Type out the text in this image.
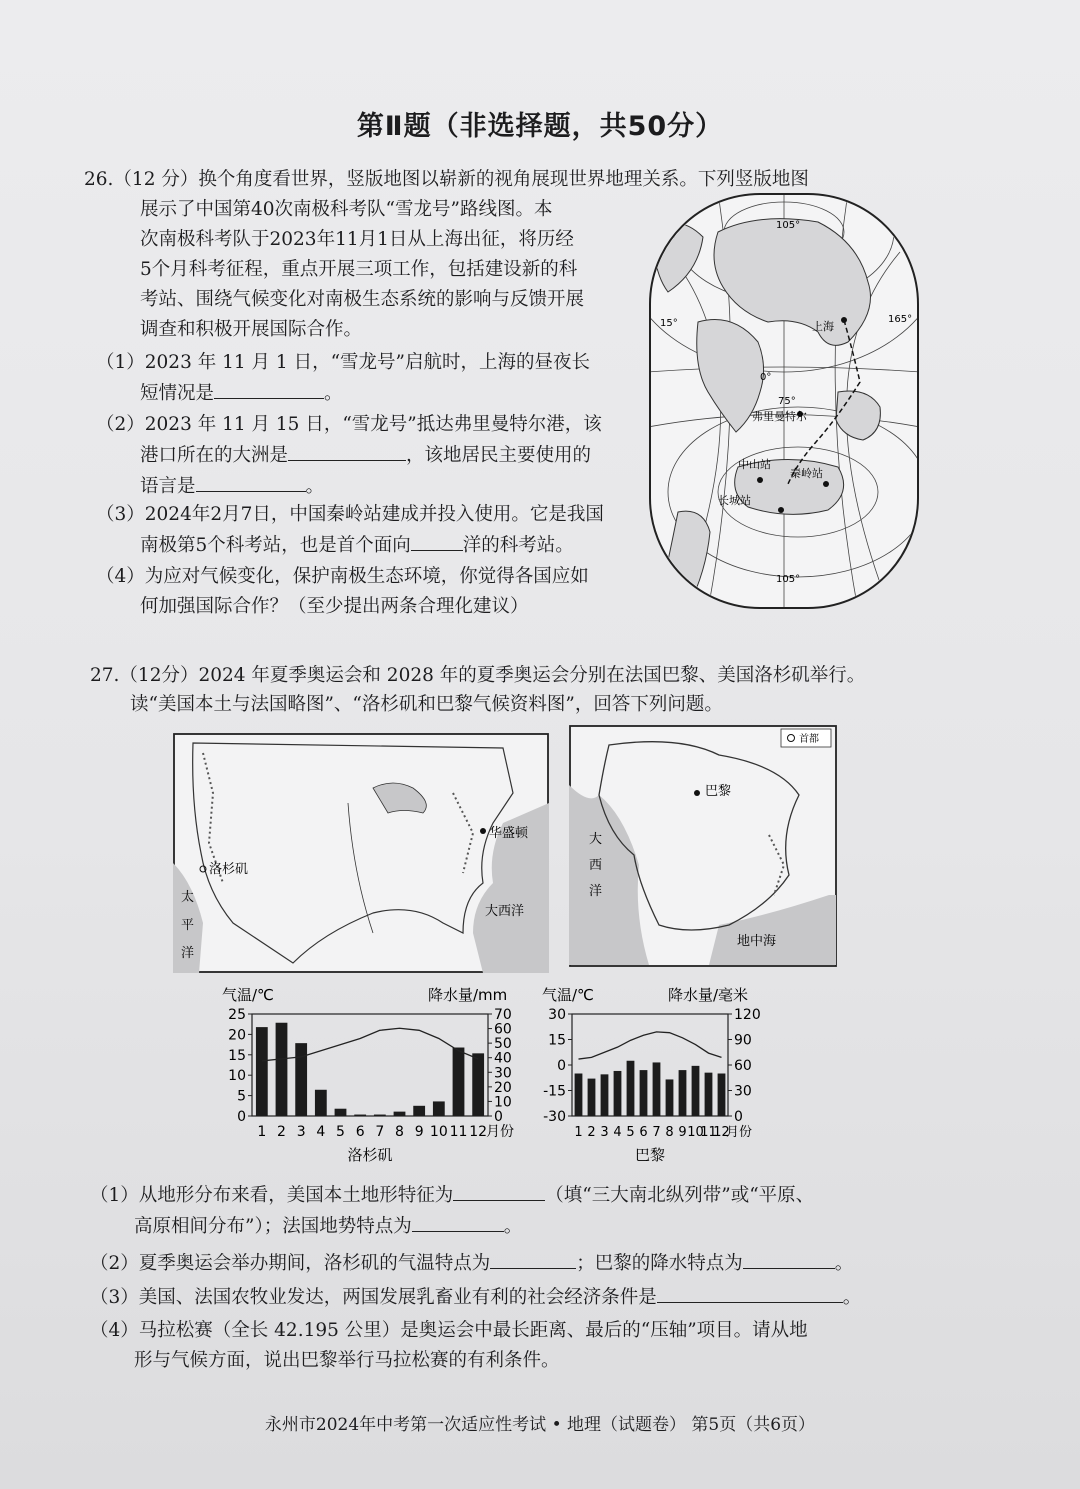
第Ⅱ题（非选择题，共50分）
26.（12 分）换个角度看世界，竖版地图以崭新的视角展现世界地理关系。下列竖版地图
展示了中国第40次南极科考队“雪龙号”路线图。本
次南极科考队于2023年11月1日从上海出征，将历经
5个月科考征程，重点开展三项工作，包括建设新的科
考站、围绕气候变化对南极生态系统的影响与反馈开展
调查和积极开展国际合作。
（1）2023 年 11 月 1 日，“雪龙号”启航时，上海的昼夜长
短情况是	。
（2）2023 年 11 月 15 日，“雪龙号”抵达弗里曼特尔港，该
港口所在的大洲是	，该地居民主要使用的
语言是	。
（3）2024年2月7日，中国秦岭站建成并投入使用。它是我国
南极第5个科考站，也是首个面向	洋的科考站。
（4）为应对气候变化，保护南极生态环境，你觉得各国应如
何加强国际合作？（至少提出两条合理化建议）
105°
15°	165°
0°
75°
105°
上海
弗里曼特尔
中山站
秦岭站
长城站
27.（12分）2024 年夏季奥运会和 2028 年的夏季奥运会分别在法国巴黎、美国洛杉矶举行。
读“美国本土与法国略图”、“洛杉矶和巴黎气候资料图”，回答下列问题。
华盛顿
洛杉矶
太
平
洋
大西洋
首都
巴黎
大
西
洋
地中海
气温/℃	降水量/mm
0
5
10
15
20
25
0
10
20
30
40
50
60
70
1 2 3 4 5 6 7 8 9 10 11 12
月份
洛杉矶
气温/℃	降水量/毫米
-30
-15
0
15
30
0
30
60
90
120
1 2 3 4 5 6 7 8 9 10
11
12
月份
巴黎
（1）从地形分布来看，美国本土地形特征为	（填“三大南北纵列带”或“平原、
高原相间分布”）；法国地势特点为	。
（2）夏季奥运会举办期间，洛杉矶的气温特点为	；巴黎的降水特点为	。
（3）美国、法国农牧业发达，两国发展乳畜业有利的社会经济条件是	。
（4）马拉松赛（全长 42.195 公里）是奥运会中最长距离、最后的“压轴”项目。请从地
形与气候方面，说出巴黎举行马拉松赛的有利条件。
永州市2024年中考第一次适应性考试 • 地理（试题卷） 第5页（共6页）
